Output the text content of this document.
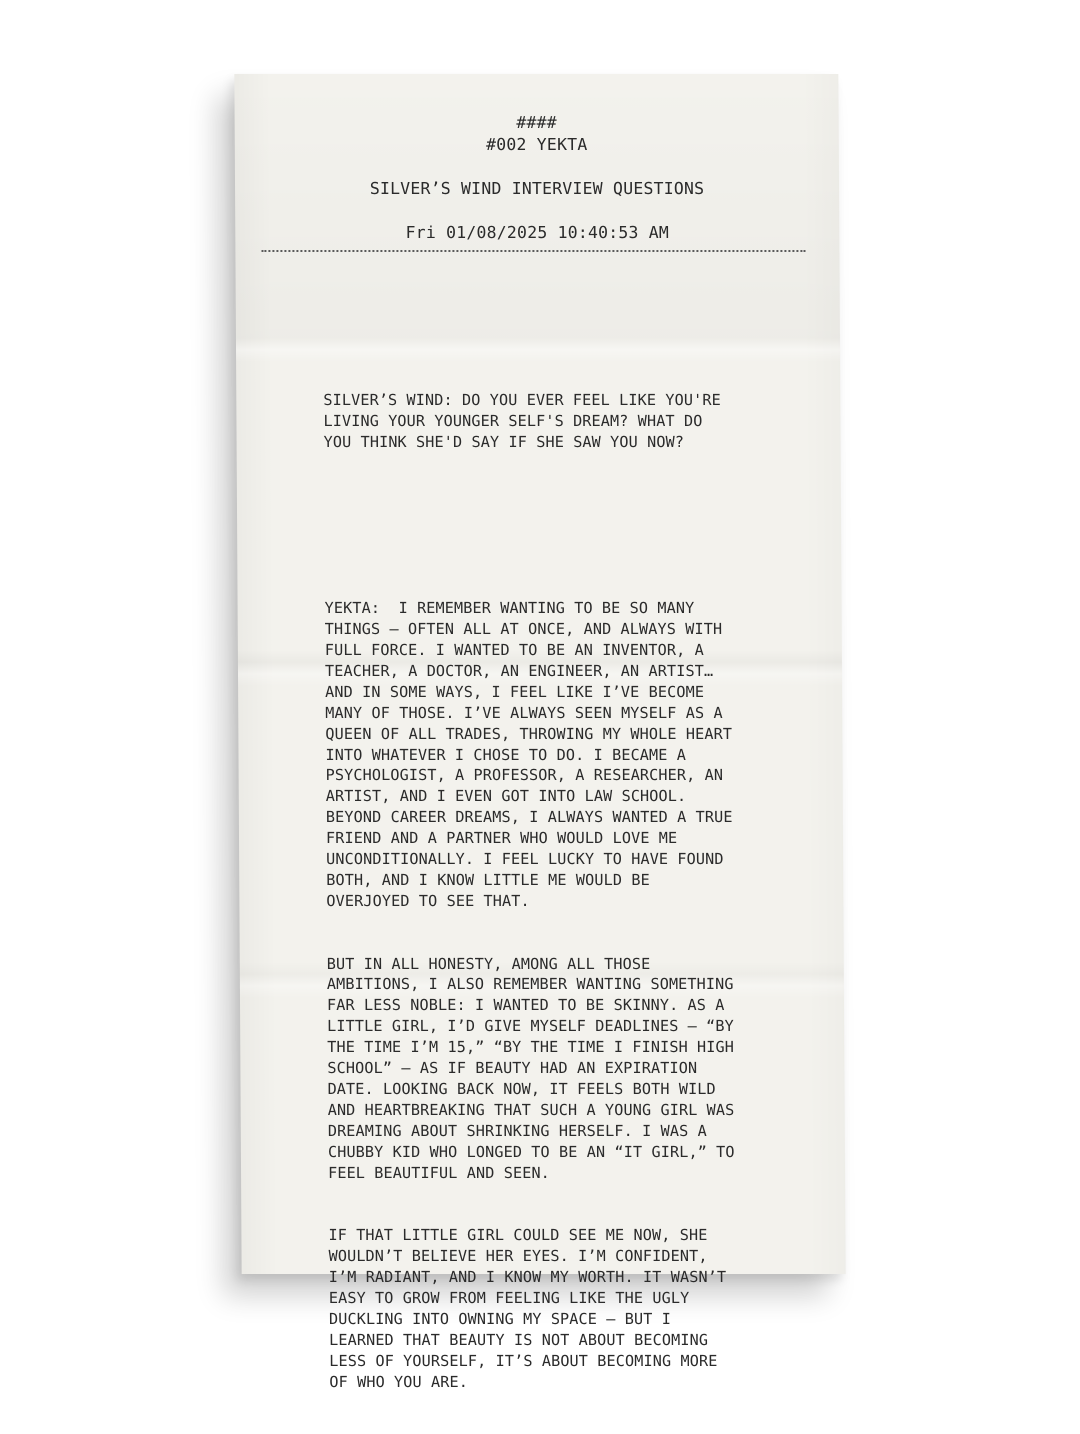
####
#002 YEKTA
SILVER’S WIND INTERVIEW QUESTIONS
Fri 01/08/2025 10:40:53 AM

SILVER’S WIND: DO YOU EVER FEEL LIKE YOU'RE
LIVING YOUR YOUNGER SELF'S DREAM? WHAT DO
YOU THINK SHE'D SAY IF SHE SAW YOU NOW?

YEKTA:  I REMEMBER WANTING TO BE SO MANY
THINGS — OFTEN ALL AT ONCE, AND ALWAYS WITH
FULL FORCE. I WANTED TO BE AN INVENTOR, A
TEACHER, A DOCTOR, AN ENGINEER, AN ARTIST…
AND IN SOME WAYS, I FEEL LIKE I’VE BECOME
MANY OF THOSE. I’VE ALWAYS SEEN MYSELF AS A
QUEEN OF ALL TRADES, THROWING MY WHOLE HEART
INTO WHATEVER I CHOSE TO DO. I BECAME A
PSYCHOLOGIST, A PROFESSOR, A RESEARCHER, AN
ARTIST, AND I EVEN GOT INTO LAW SCHOOL.
BEYOND CAREER DREAMS, I ALWAYS WANTED A TRUE
FRIEND AND A PARTNER WHO WOULD LOVE ME
UNCONDITIONALLY. I FEEL LUCKY TO HAVE FOUND
BOTH, AND I KNOW LITTLE ME WOULD BE
OVERJOYED TO SEE THAT.

BUT IN ALL HONESTY, AMONG ALL THOSE
AMBITIONS, I ALSO REMEMBER WANTING SOMETHING
FAR LESS NOBLE: I WANTED TO BE SKINNY. AS A
LITTLE GIRL, I’D GIVE MYSELF DEADLINES — “BY
THE TIME I’M 15,” “BY THE TIME I FINISH HIGH
SCHOOL” — AS IF BEAUTY HAD AN EXPIRATION
DATE. LOOKING BACK NOW, IT FEELS BOTH WILD
AND HEARTBREAKING THAT SUCH A YOUNG GIRL WAS
DREAMING ABOUT SHRINKING HERSELF. I WAS A
CHUBBY KID WHO LONGED TO BE AN “IT GIRL,” TO
FEEL BEAUTIFUL AND SEEN.

IF THAT LITTLE GIRL COULD SEE ME NOW, SHE
WOULDN’T BELIEVE HER EYES. I’M CONFIDENT,
I’M RADIANT, AND I KNOW MY WORTH. IT WASN’T
EASY TO GROW FROM FEELING LIKE THE UGLY
DUCKLING INTO OWNING MY SPACE — BUT I
LEARNED THAT BEAUTY IS NOT ABOUT BECOMING
LESS OF YOURSELF, IT’S ABOUT BECOMING MORE
OF WHO YOU ARE.
